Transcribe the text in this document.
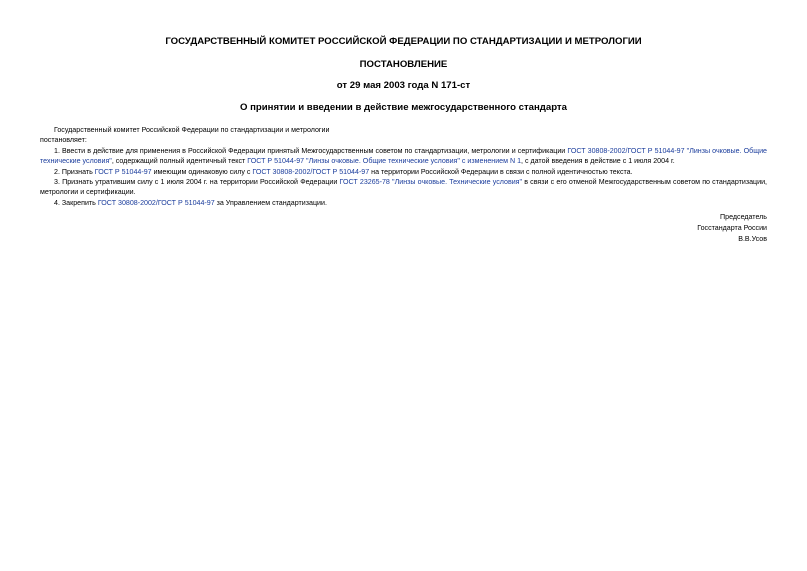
ГОСУДАРСТВЕННЫЙ КОМИТЕТ РОССИЙСКОЙ ФЕДЕРАЦИИ ПО СТАНДАРТИЗАЦИИ И МЕТРОЛОГИИ
ПОСТАНОВЛЕНИЕ
от 29 мая 2003 года N 171-ст
О принятии и введении в действие межгосударственного стандарта

Государственный комитет Российской Федерации по стандартизации и метрологии

постановляет:

1. Ввести в действие для применения в Российской Федерации принятый Межгосударственным советом по стандартизации, метрологии и сертификации ГОСТ 30808-2002/ГОСТ Р 51044-97 "Линзы очковые. Общие технические условия", содержащий полный идентичный текст ГОСТ Р 51044-97 "Линзы очковые. Общие технические условия" с изменением N 1, с датой введения в действие с 1 июля 2004 г.

2. Признать ГОСТ Р 51044-97 имеющим одинаковую силу с ГОСТ 30808-2002/ГОСТ Р 51044-97 на территории Российской Федерации в связи с полной идентичностью текста.

3. Признать утратившим силу с 1 июля 2004 г. на территории Российской Федерации ГОСТ 23265-78 "Линзы очковые. Технические условия" в связи с его отменой Межгосударственным советом по стандартизации, метрологии и сертификации.

4. Закрепить ГОСТ 30808-2002/ГОСТ Р 51044-97 за Управлением стандартизации.

Председатель
Госстандарта России
В.В.Усов
